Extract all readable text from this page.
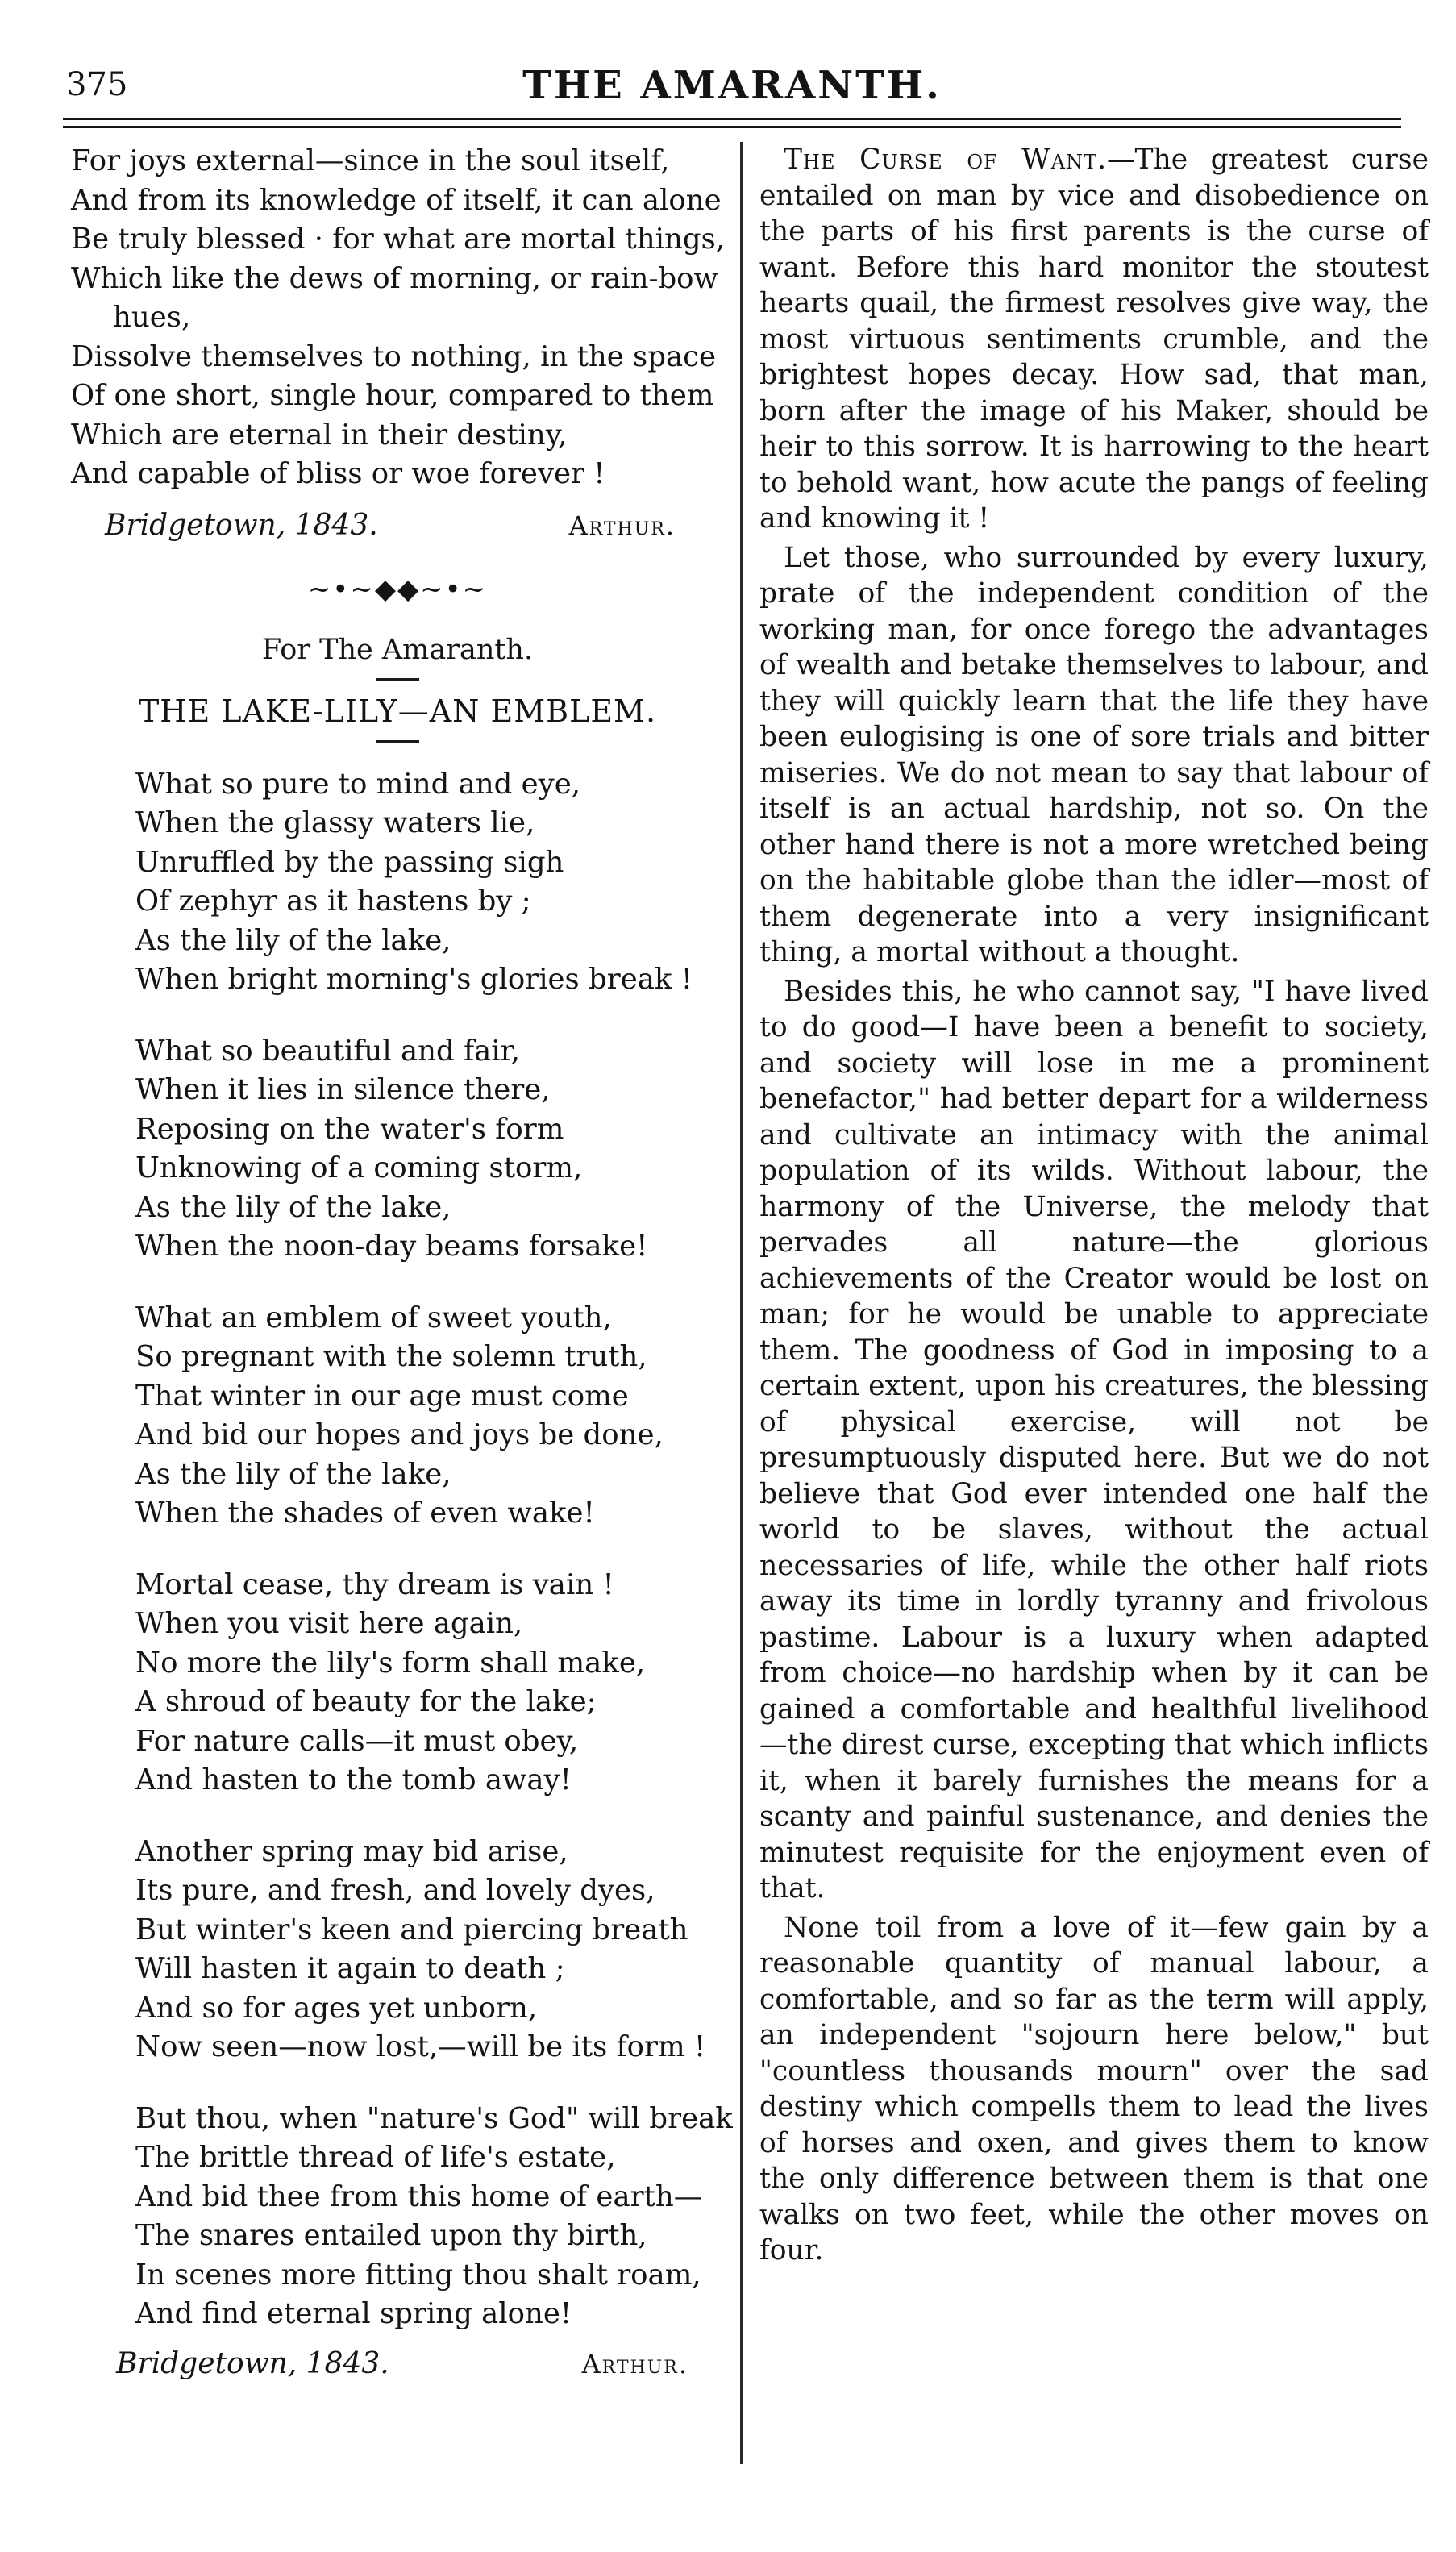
375	THE AMARANTH.
For joys external—since in the soul itself,
And from its knowledge of itself, it can alone
Be truly blessed · for what are mortal things,
Which like the dews of morning, or rain-bow
hues,
Dissolve themselves to nothing, in the space
Of one short, single hour, compared to them
Which are eternal in their destiny,
And capable of bliss or woe forever !
Bridgetown, 1843.	Arthur.
~•~◆◆~•~
For The Amaranth.
THE LAKE-LILY—AN EMBLEM.
What so pure to mind and eye,
When the glassy waters lie,
Unruffled by the passing sigh
Of zephyr as it hastens by ;
As the lily of the lake,
When bright morning's glories break !
What so beautiful and fair,
When it lies in silence there,
Reposing on the water's form
Unknowing of a coming storm,
As the lily of the lake,
When the noon-day beams forsake!
What an emblem of sweet youth,
So pregnant with the solemn truth,
That winter in our age must come
And bid our hopes and joys be done,
As the lily of the lake,
When the shades of even wake!
Mortal cease, thy dream is vain !
When you visit here again,
No more the lily's form shall make,
A shroud of beauty for the lake;
For nature calls—it must obey,
And hasten to the tomb away!
Another spring may bid arise,
Its pure, and fresh, and lovely dyes,
But winter's keen and piercing breath
Will hasten it again to death ;
And so for ages yet unborn,
Now seen—now lost,—will be its form !
But thou, when "nature's God" will break
The brittle thread of life's estate,
And bid thee from this home of earth—
The snares entailed upon thy birth,
In scenes more fitting thou shalt roam,
And find eternal spring alone!
Bridgetown, 1843.	Arthur.

The Curse of Want.—The greatest curse entailed on man by vice and disobedience on the parts of his first parents is the curse of want. Before this hard monitor the stoutest hearts quail, the firmest resolves give way, the most virtuous sentiments crumble, and the brightest hopes decay. How sad, that man, born after the image of his Maker, should be heir to this sorrow. It is harrowing to the heart to behold want, how acute the pangs of feeling and knowing it !

Let those, who surrounded by every luxury, prate of the independent condition of the working man, for once forego the advantages of wealth and betake themselves to labour, and they will quickly learn that the life they have been eulogising is one of sore trials and bitter miseries. We do not mean to say that labour of itself is an actual hardship, not so. On the other hand there is not a more wretched being on the habitable globe than the idler—most of them degenerate into a very insignificant thing, a mortal without a thought.

Besides this, he who cannot say, "I have lived to do good—I have been a benefit to society, and society will lose in me a prominent benefactor," had better depart for a wilderness and cultivate an intimacy with the animal population of its wilds. Without labour, the harmony of the Universe, the melody that pervades all nature—the glorious achievements of the Creator would be lost on man; for he would be unable to appreciate them. The goodness of God in imposing to a certain extent, upon his creatures, the blessing of physical exercise, will not be presumptuously disputed here. But we do not believe that God ever intended one half the world to be slaves, without the actual necessaries of life, while the other half riots away its time in lordly tyranny and frivolous pastime. Labour is a luxury when adapted from choice—no hardship when by it can be gained a comfortable and healthful livelihood—the direst curse, excepting that which inflicts it, when it barely furnishes the means for a scanty and painful sustenance, and denies the minutest requisite for the enjoyment even of that.

None toil from a love of it—few gain by a reasonable quantity of manual labour, a comfortable, and so far as the term will apply, an independent "sojourn here below," but "countless thousands mourn" over the sad destiny which compells them to lead the lives of horses and oxen, and gives them to know the only difference between them is that one walks on two feet, while the other moves on four.
